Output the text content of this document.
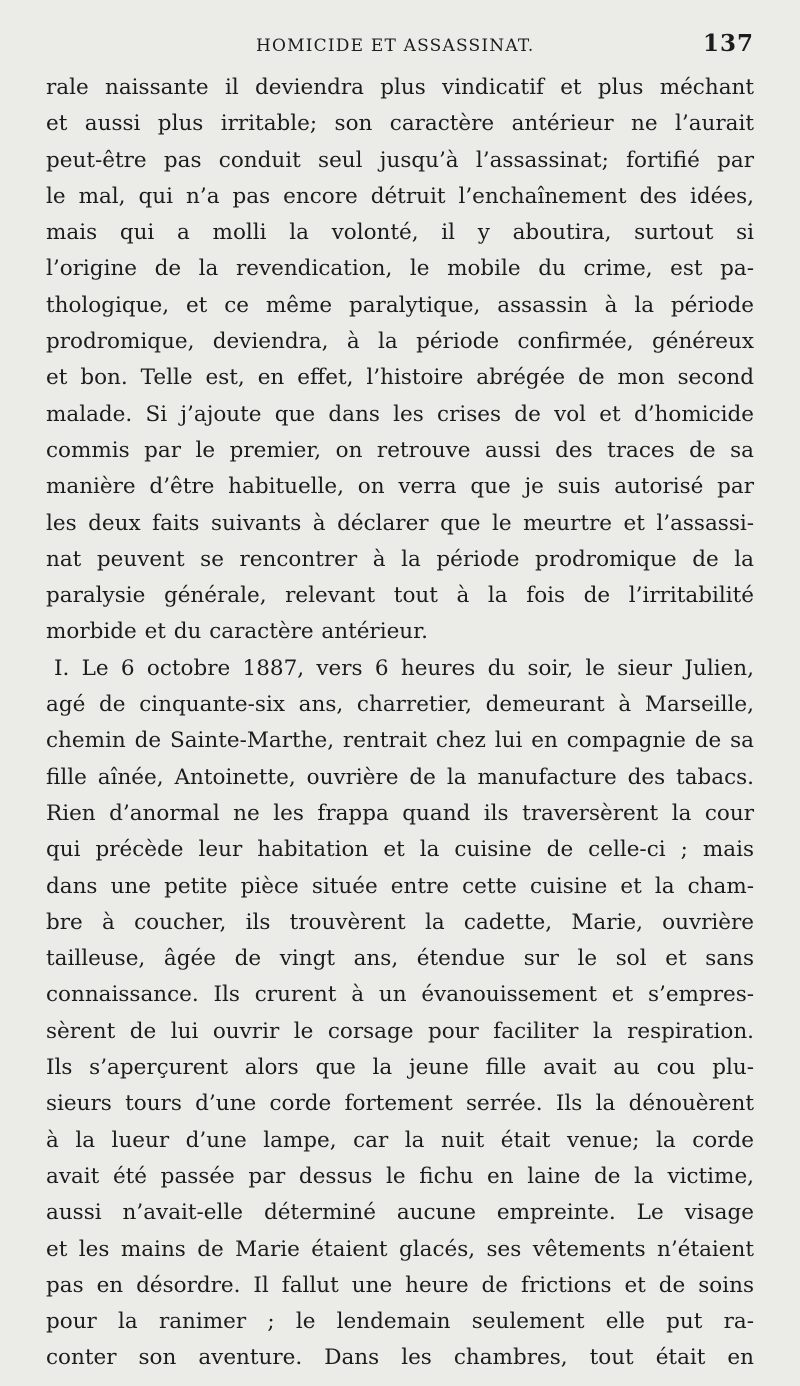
HOMICIDE ET ASSASSINAT.	137
rale naissante il deviendra plus vindicatif et plus méchant
et aussi plus irritable; son caractère antérieur ne l’aurait
peut-être pas conduit seul jusqu’à l’assassinat; fortifié par
le mal, qui n’a pas encore détruit l’enchaînement des idées,
mais qui a molli la volonté, il y aboutira, surtout si
l’origine de la revendication, le mobile du crime, est pa-
thologique, et ce même paralytique, assassin à la période
prodromique, deviendra, à la période confirmée, généreux
et bon. Telle est, en effet, l’histoire abrégée de mon second
malade. Si j’ajoute que dans les crises de vol et d’homicide
commis par le premier, on retrouve aussi des traces de sa
manière d’être habituelle, on verra que je suis autorisé par
les deux faits suivants à déclarer que le meurtre et l’assassi-
nat peuvent se rencontrer à la période prodromique de la
paralysie générale, relevant tout à la fois de l’irritabilité
morbide et du caractère antérieur.
I. Le 6 octobre 1887, vers 6 heures du soir, le sieur Julien,
agé de cinquante-six ans, charretier, demeurant à Marseille,
chemin de Sainte-Marthe, rentrait chez lui en compagnie de sa
fille aînée, Antoinette, ouvrière de la manufacture des tabacs.
Rien d’anormal ne les frappa quand ils traversèrent la cour
qui précède leur habitation et la cuisine de celle-ci ; mais
dans une petite pièce située entre cette cuisine et la cham-
bre à coucher, ils trouvèrent la cadette, Marie, ouvrière
tailleuse, âgée de vingt ans, étendue sur le sol et sans
connaissance. Ils crurent à un évanouissement et s’empres-
sèrent de lui ouvrir le corsage pour faciliter la respiration.
Ils s’aperçurent alors que la jeune fille avait au cou plu-
sieurs tours d’une corde fortement serrée. Ils la dénouèrent
à la lueur d’une lampe, car la nuit était venue; la corde
avait été passée par dessus le fichu en laine de la victime,
aussi n’avait-elle déterminé aucune empreinte. Le visage
et les mains de Marie étaient glacés, ses vêtements n’étaient
pas en désordre. Il fallut une heure de frictions et de soins
pour la ranimer ; le lendemain seulement elle put ra-
conter son aventure. Dans les chambres, tout était en
